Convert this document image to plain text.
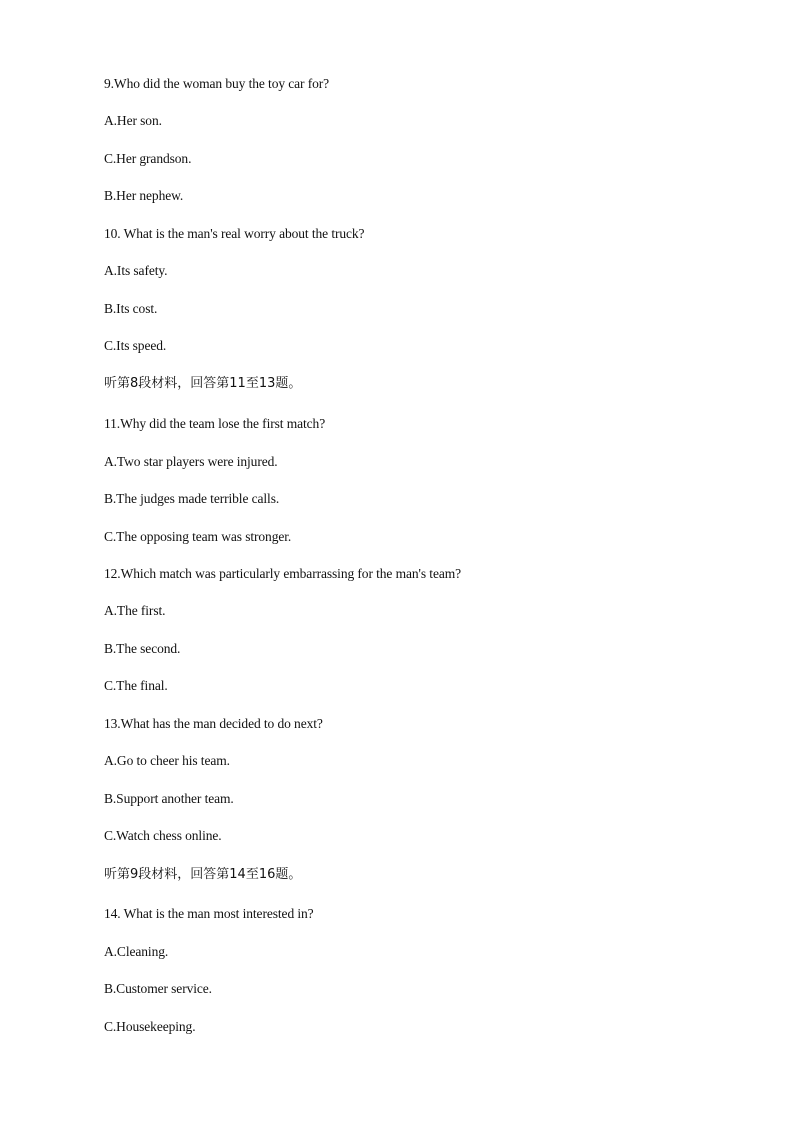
9.Who did the woman buy the toy car for?
A.Her son.
C.Her grandson.
B.Her nephew.
10. What is the man's real worry about the truck?
A.Its safety.
B.Its cost.
C.Its speed.
听第8段材料，回答第11至13题。
11.Why did the team lose the first match?
A.Two star players were injured.
B.The judges made terrible calls.
C.The opposing team was stronger.
12.Which match was particularly embarrassing for the man's team?
A.The first.
B.The second.
C.The final.
13.What has the man decided to do next?
A.Go to cheer his team.
B.Support another team.
C.Watch chess online.
听第9段材料，回答第14至16题。
14. What is the man most interested in?
A.Cleaning.
B.Customer service.
C.Housekeeping.
